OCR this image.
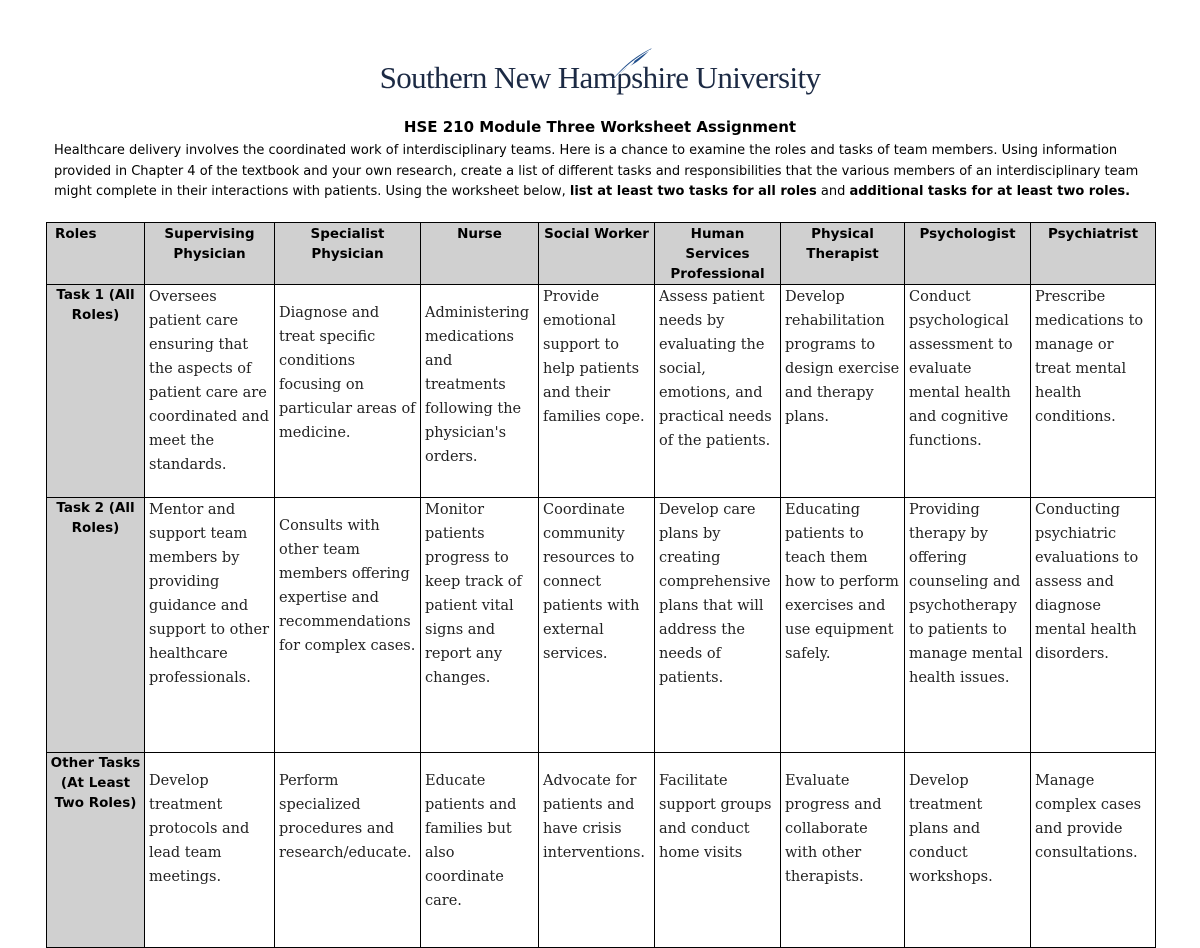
Southern New Hampshire University
HSE 210 Module Three Worksheet Assignment
Healthcare delivery involves the coordinated work of interdisciplinary teams. Here is a chance to examine the roles and tasks of team members. Using information provided in Chapter 4 of the textbook and your own research, create a list of different tasks and responsibilities that the various members of an interdisciplinary team might complete in their interactions with patients. Using the worksheet below, list at least two tasks for all roles and additional tasks for at least two roles.
Roles	Supervising Physician	Specialist Physician	Nurse	Social Worker	Human Services Professional	Physical Therapist	Psychologist	Psychiatrist
Task 1 (All Roles)	Oversees patient care ensuring that the aspects of patient care are coordinated and meet the standards.	Diagnose and treat specific conditions focusing on particular areas of medicine.	Administering medications and treatments following the physician's orders.	Provide emotional support to help patients and their families cope.	Assess patient needs by evaluating the social, emotions, and practical needs of the patients.	Develop rehabilitation programs to design exercise and therapy plans.	Conduct psychological assessment to evaluate mental health and cognitive functions.	Prescribe medications to manage or treat mental health conditions.
Task 2 (All Roles)	Mentor and support team members by providing guidance and support to other healthcare professionals.	Consults with other team members offering expertise and recommendations for complex cases.	Monitor patients progress to keep track of patient vital signs and report any changes.	Coordinate community resources to connect patients with external services.	Develop care plans by creating comprehensive plans that will address the needs of patients.	Educating patients to teach them how to perform exercises and use equipment safely.	Providing therapy by offering counseling and psychotherapy to patients to manage mental health issues.	Conducting psychiatric evaluations to assess and diagnose mental health disorders.
Other Tasks (At Least Two Roles)	Develop treatment protocols and lead team meetings.	Perform specialized procedures and research/educate.	Educate patients and families but also coordinate care.	Advocate for patients and have crisis interventions.	Facilitate support groups and conduct home visits	Evaluate progress and collaborate with other therapists.	Develop treatment plans and conduct workshops.	Manage complex cases and provide consultations.
